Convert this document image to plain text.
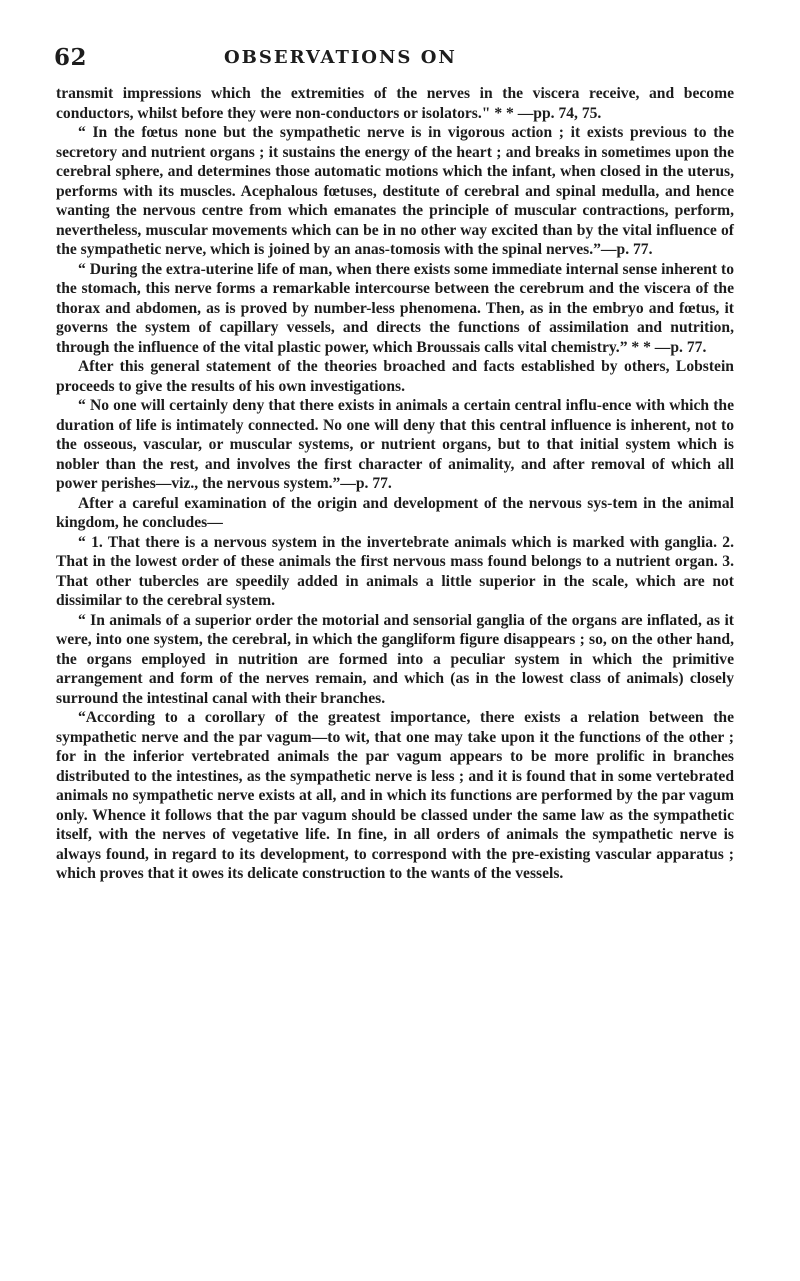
62	OBSERVATIONS ON

transmit impressions which the extremities of the nerves in the viscera receive, and become conductors, whilst before they were non-conductors or isolators." * * —pp. 74, 75.

“ In the fœtus none but the sympathetic nerve is in vigorous action ; it exists previous to the secretory and nutrient organs ; it sustains the energy of the heart ; and breaks in sometimes upon the cerebral sphere, and determines those automatic motions which the infant, when closed in the uterus, performs with its muscles. Acephalous fœtuses, destitute of cerebral and spinal medulla, and hence wanting the nervous centre from which emanates the principle of muscular contractions, perform, nevertheless, muscular movements which can be in no other way excited than by the vital influence of the sympathetic nerve, which is joined by an anas-tomosis with the spinal nerves.”—p. 77.

“ During the extra-uterine life of man, when there exists some immediate internal sense inherent to the stomach, this nerve forms a remarkable intercourse between the cerebrum and the viscera of the thorax and abdomen, as is proved by number-less phenomena. Then, as in the embryo and fœtus, it governs the system of capillary vessels, and directs the functions of assimilation and nutrition, through the influence of the vital plastic power, which Broussais calls vital chemistry.” * * —p. 77.

After this general statement of the theories broached and facts established by others, Lobstein proceeds to give the results of his own investigations.

“ No one will certainly deny that there exists in animals a certain central influ-ence with which the duration of life is intimately connected. No one will deny that this central influence is inherent, not to the osseous, vascular, or muscular systems, or nutrient organs, but to that initial system which is nobler than the rest, and involves the first character of animality, and after removal of which all power perishes—viz., the nervous system.”—p. 77.

After a careful examination of the origin and development of the nervous sys-tem in the animal kingdom, he concludes—

“ 1. That there is a nervous system in the invertebrate animals which is marked with ganglia. 2. That in the lowest order of these animals the first nervous mass found belongs to a nutrient organ. 3. That other tubercles are speedily added in animals a little superior in the scale, which are not dissimilar to the cerebral system.

“ In animals of a superior order the motorial and sensorial ganglia of the organs are inflated, as it were, into one system, the cerebral, in which the gangliform figure disappears ; so, on the other hand, the organs employed in nutrition are formed into a peculiar system in which the primitive arrangement and form of the nerves remain, and which (as in the lowest class of animals) closely surround the intestinal canal with their branches.

“According to a corollary of the greatest importance, there exists a relation between the sympathetic nerve and the par vagum—to wit, that one may take upon it the functions of the other ; for in the inferior vertebrated animals the par vagum appears to be more prolific in branches distributed to the intestines, as the sympathetic nerve is less ; and it is found that in some vertebrated animals no sympathetic nerve exists at all, and in which its functions are performed by the par vagum only. Whence it follows that the par vagum should be classed under the same law as the sympathetic itself, with the nerves of vegetative life. In fine, in all orders of animals the sympathetic nerve is always found, in regard to its development, to correspond with the pre-existing vascular apparatus ; which proves that it owes its delicate construction to the wants of the vessels.
